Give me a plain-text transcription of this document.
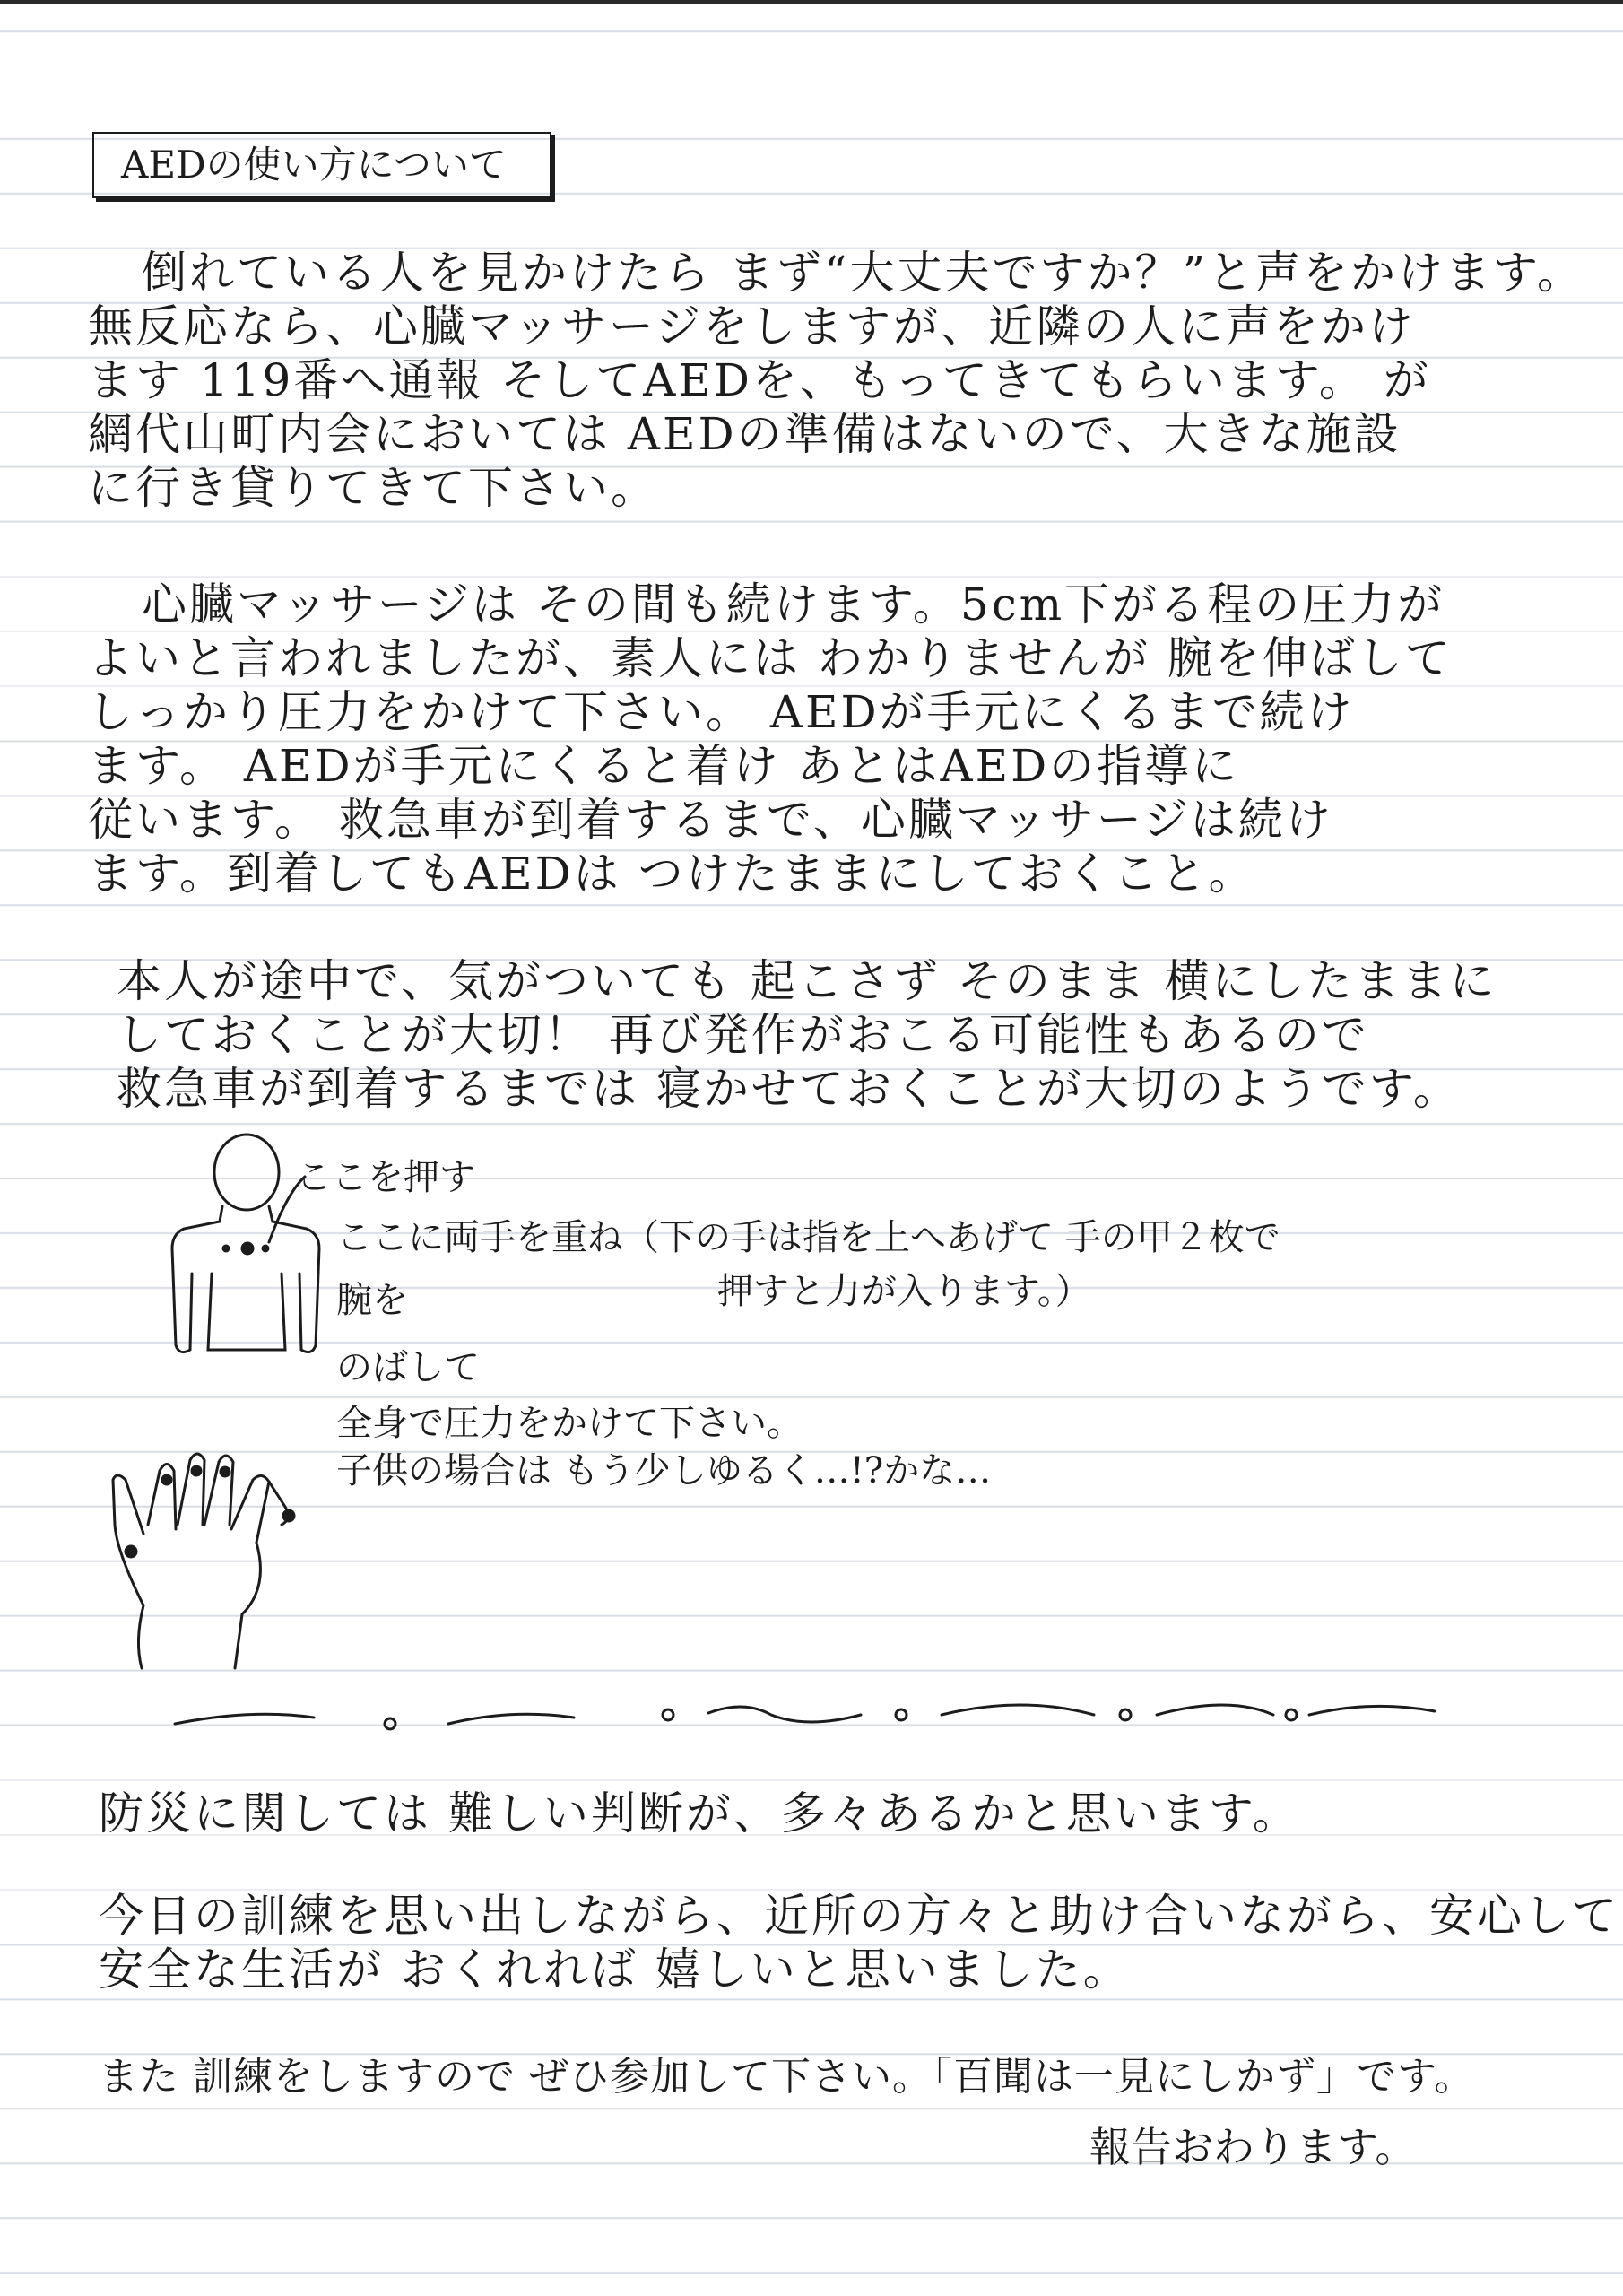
AEDの使い方について
倒れている人を見かけたら まず“大丈夫ですか？”と声をかけます。
無反応なら、心臓マッサージをしますが、近隣の人に声をかけ
ます 119番へ通報 そしてAEDを、もってきてもらいます。 が
網代山町内会においては AEDの準備はないので、大きな施設
に行き貸りてきて下さい。
心臓マッサージは その間も続けます。5cm下がる程の圧力が
よいと言われましたが、素人には わかりませんが 腕を伸ばして
しっかり圧力をかけて下さい。 AEDが手元にくるまで続け
ます。 AEDが手元にくると着け あとはAEDの指導に
従います。 救急車が到着するまで、心臓マッサージは続け
ます。到着してもAEDは つけたままにしておくこと。
本人が途中で、気がついても 起こさず そのまま 横にしたままに
しておくことが大切！ 再び発作がおこる可能性もあるので
救急車が到着するまでは 寝かせておくことが大切のようです。
ここを押す
ここに両手を重ね（下の手は指を上へあげて 手の甲２枚で
腕を	押すと力が入ります。）
のばして
全身で圧力をかけて下さい。
子供の場合は もう少しゆるく…!?かな…
防災に関しては 難しい判断が、多々あるかと思います。
今日の訓練を思い出しながら、近所の方々と助け合いながら、安心して
安全な生活が おくれれば 嬉しいと思いました。
また 訓練をしますので ぜひ参加して下さい。「百聞は一見にしかず」です。
報告おわります。
